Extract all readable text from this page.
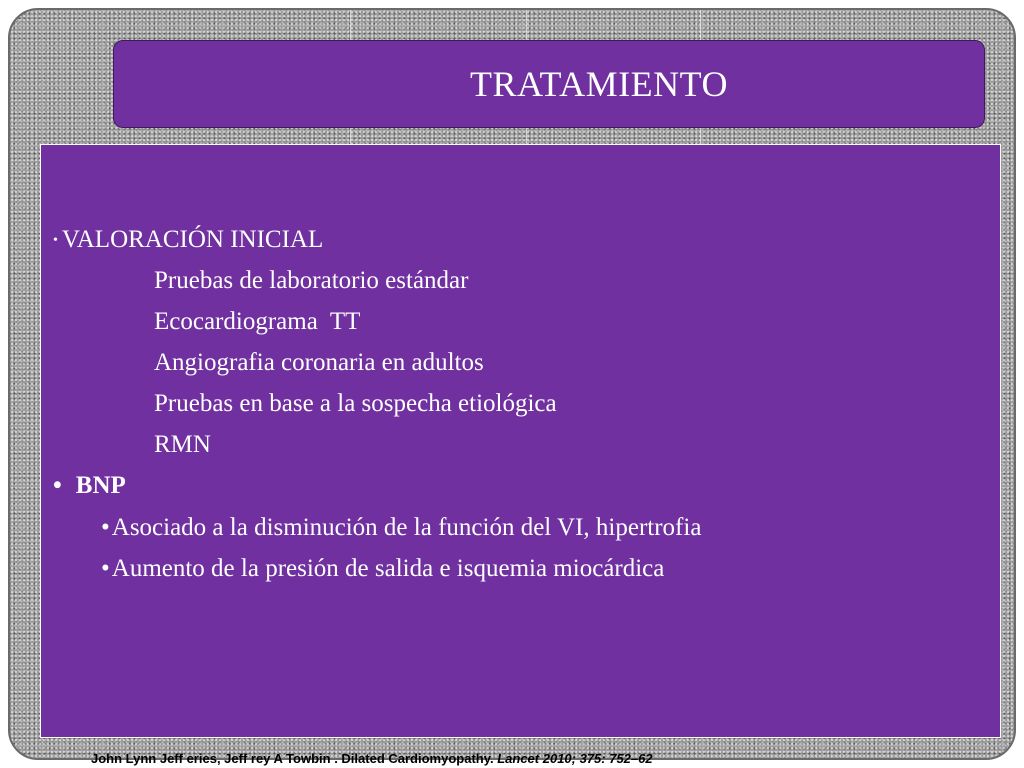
TRATAMIENTO
• VALORACIÓN INICIAL
Pruebas de laboratorio estándar
Ecocardiograma  TT
Angiografia coronaria en adultos
Pruebas en base a la sospecha etiológica
RMN
• BNP
•Asociado a la disminución de la función del VI, hipertrofia
•Aumento de la presión de salida e isquemia miocárdica
John Lynn Jeff eries, Jeff rey A Towbin . Dilated Cardiomyopathy. Lancet 2010; 375: 752–62
